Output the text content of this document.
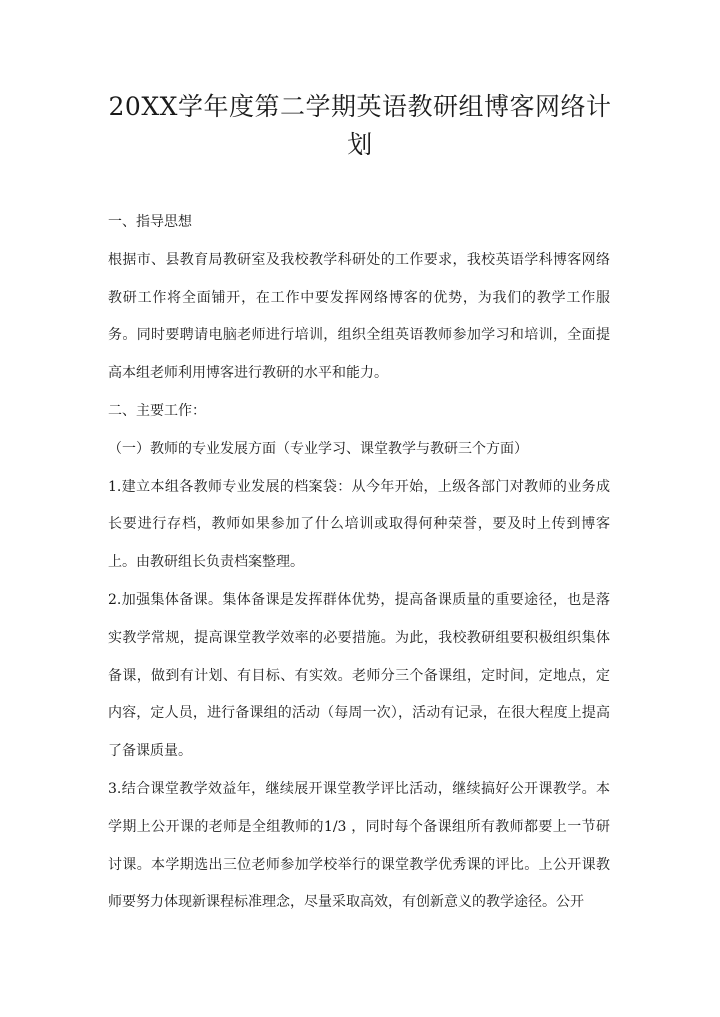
20XX学年度第二学期英语教研组博客网络计划

一、指导思想

根据市、县教育局教研室及我校教学科研处的工作要求，我校英语学科博客网络教研工作将全面铺开，在工作中要发挥网络博客的优势，为我们的教学工作服务。同时要聘请电脑老师进行培训，组织全组英语教师参加学习和培训，全面提高本组老师利用博客进行教研的水平和能力。

二、主要工作：

（一）教师的专业发展方面（专业学习、课堂教学与教研三个方面）

1.建立本组各教师专业发展的档案袋：从今年开始，上级各部门对教师的业务成长要进行存档，教师如果参加了什么培训或取得何种荣誉，要及时上传到博客上。由教研组长负责档案整理。

2.加强集体备课。集体备课是发挥群体优势，提高备课质量的重要途径，也是落实教学常规，提高课堂教学效率的必要措施。为此，我校教研组要积极组织集体备课，做到有计划、有目标、有实效。老师分三个备课组，定时间，定地点，定内容，定人员，进行备课组的活动（每周一次），活动有记录，在很大程度上提高了备课质量。

3.结合课堂教学效益年，继续展开课堂教学评比活动，继续搞好公开课教学。本学期上公开课的老师是全组教师的1/3 ，同时每个备课组所有教师都要上一节研讨课。本学期选出三位老师参加学校举行的课堂教学优秀课的评比。上公开课教师要努力体现新课程标准理念，尽量采取高效，有创新意义的教学途径。公开
